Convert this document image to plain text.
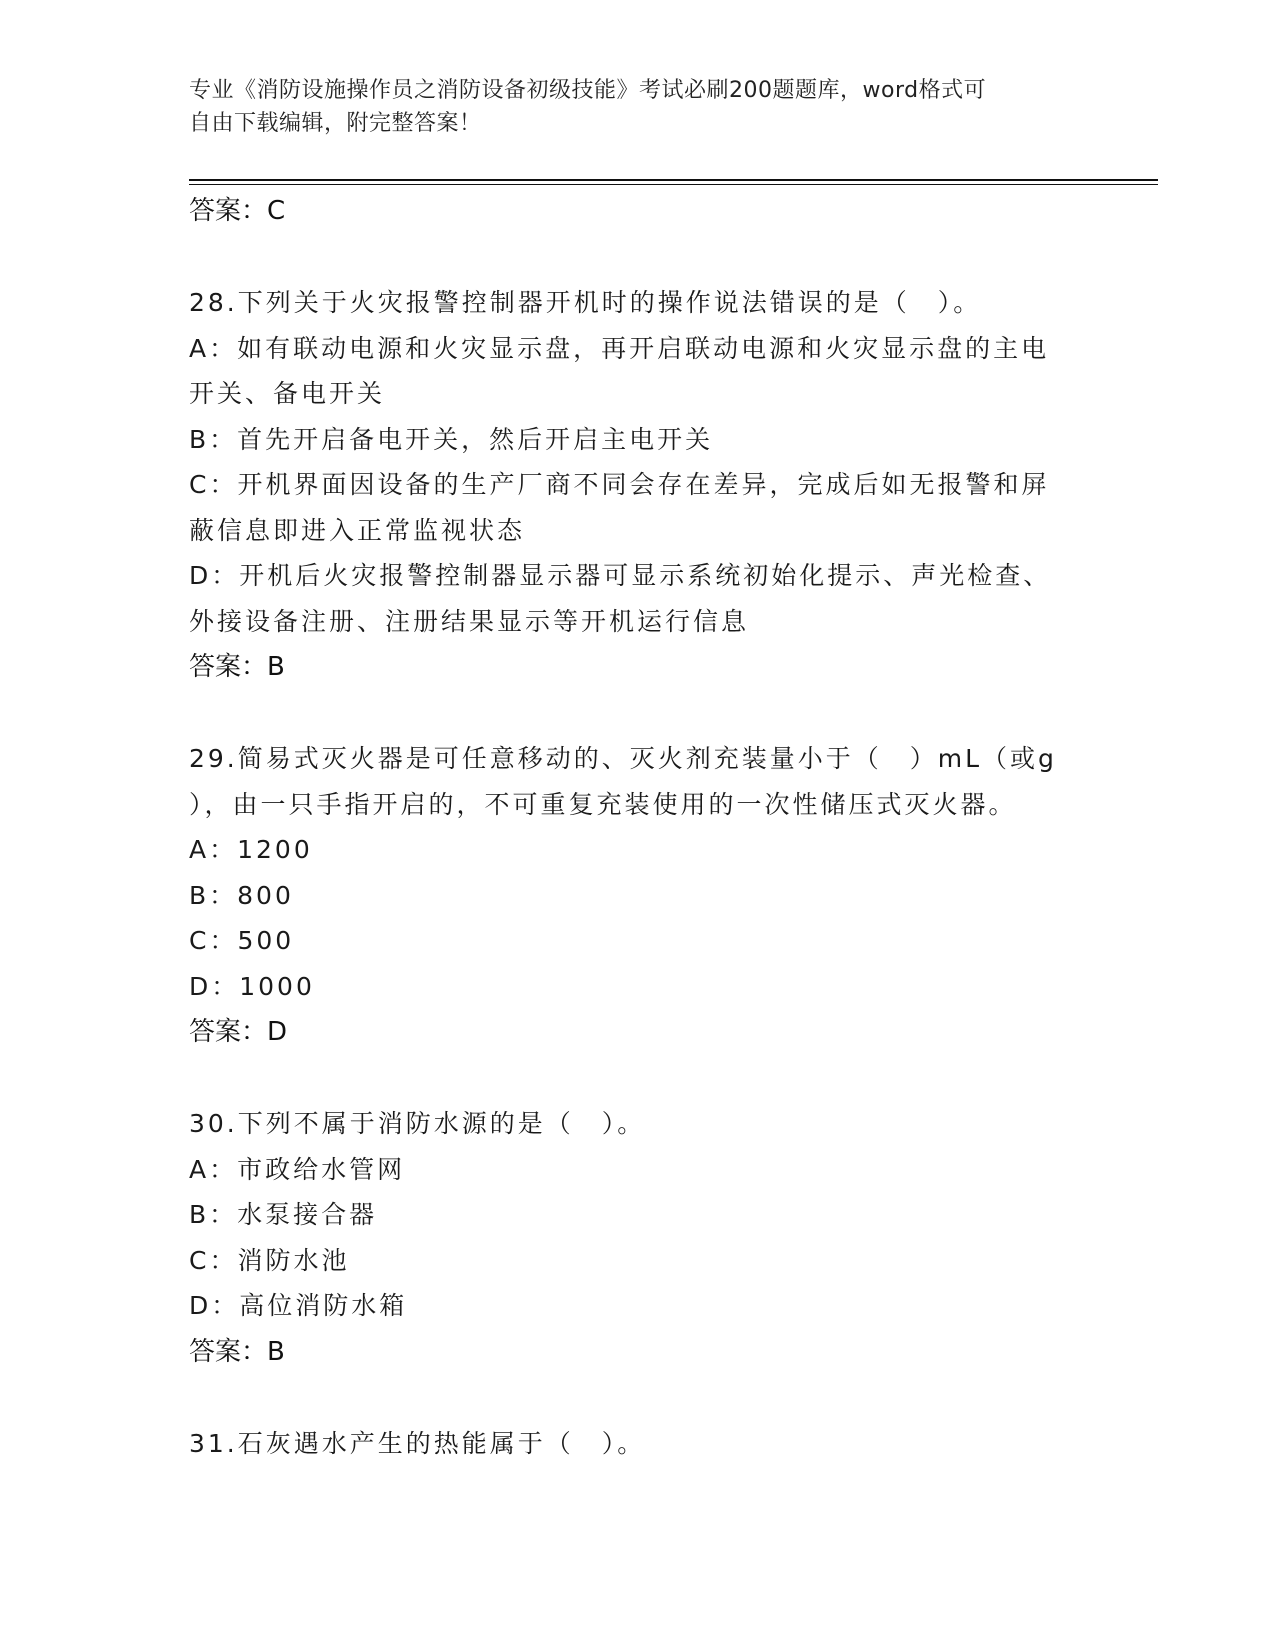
专业《消防设施操作员之消防设备初级技能》考试必刷200题题库，word格式可
自由下载编辑，附完整答案！
答案：C
28.下列关于火灾报警控制器开机时的操作说法错误的是（　）。
A：如有联动电源和火灾显示盘，再开启联动电源和火灾显示盘的主电
开关、备电开关
B：首先开启备电开关，然后开启主电开关
C：开机界面因设备的生产厂商不同会存在差异，完成后如无报警和屏
蔽信息即进入正常监视状态
D：开机后火灾报警控制器显示器可显示系统初始化提示、声光检查、
外接设备注册、注册结果显示等开机运行信息
答案：B
29.简易式灭火器是可任意移动的、灭火剂充装量小于（　）mL（或g
），由一只手指开启的，不可重复充装使用的一次性储压式灭火器。
A：1200
B：800
C：500
D：1000
答案：D
30.下列不属于消防水源的是（　）。
A：市政给水管网
B：水泵接合器
C：消防水池
D：高位消防水箱
答案：B
31.石灰遇水产生的热能属于（　）。
